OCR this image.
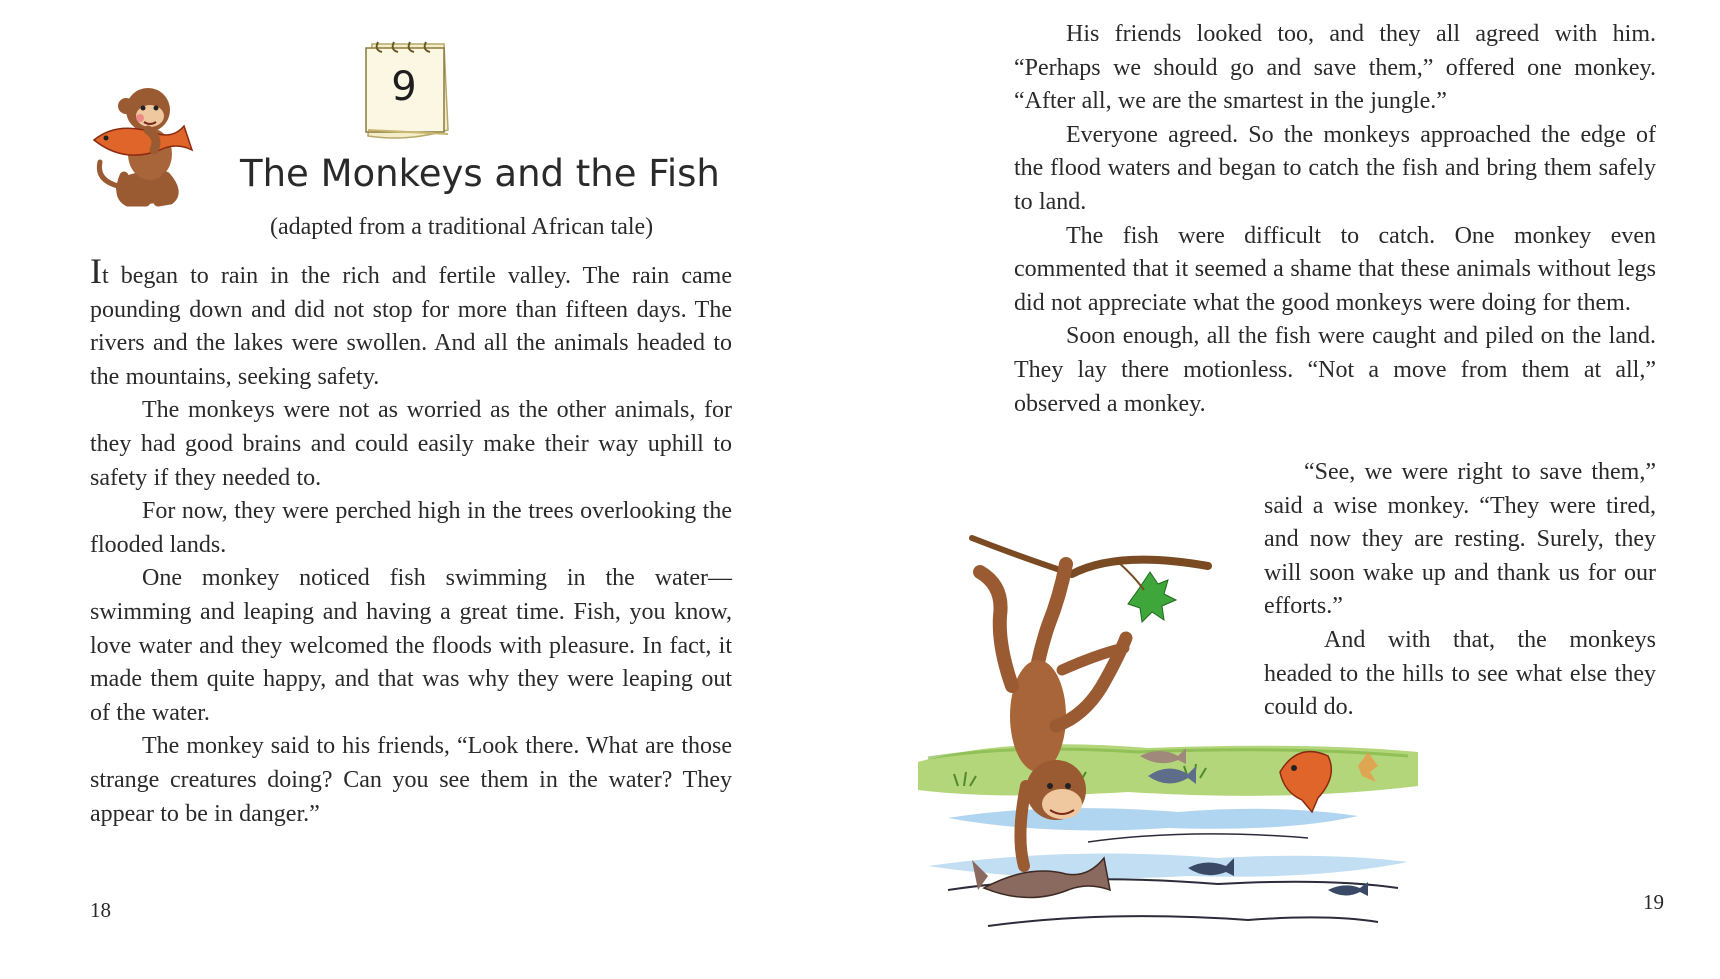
9
The Monkeys and the Fish

(adapted from a traditional African tale)

It began to rain in the rich and fertile valley. The rain came pounding down and did not stop for more than fifteen days. The rivers and the lakes were swollen. And all the animals headed to the mountains, seeking safety.

The monkeys were not as worried as the other animals, for they had good brains and could easily make their way uphill to safety if they needed to.

For now, they were perched high in the trees overlooking the flooded lands.

One monkey noticed fish swimming in the water—swimming and leaping and having a great time. Fish, you know, love water and they welcomed the floods with pleasure. In fact, it made them quite happy, and that was why they were leaping out of the water.

The monkey said to his friends, “Look there. What are those strange creatures doing? Can you see them in the water? They appear to be in danger.”

18

His friends looked too, and they all agreed with him. “Perhaps we should go and save them,” offered one monkey. “After all, we are the smartest in the jungle.”

Everyone agreed. So the monkeys approached the edge of the flood waters and began to catch the fish and bring them safely to land.

The fish were difficult to catch. One monkey even commented that it seemed a shame that these animals without legs did not appreciate what the good monkeys were doing for them.

Soon enough, all the fish were caught and piled on the land. They lay there motionless. “Not a move from them at all,” observed a monkey.

“See, we were right to save them,” said a wise monkey. “They were tired, and now they are resting. Surely, they will soon wake up and thank us for our efforts.”

And with that, the monkeys headed to the hills to see what else they could do.

19
